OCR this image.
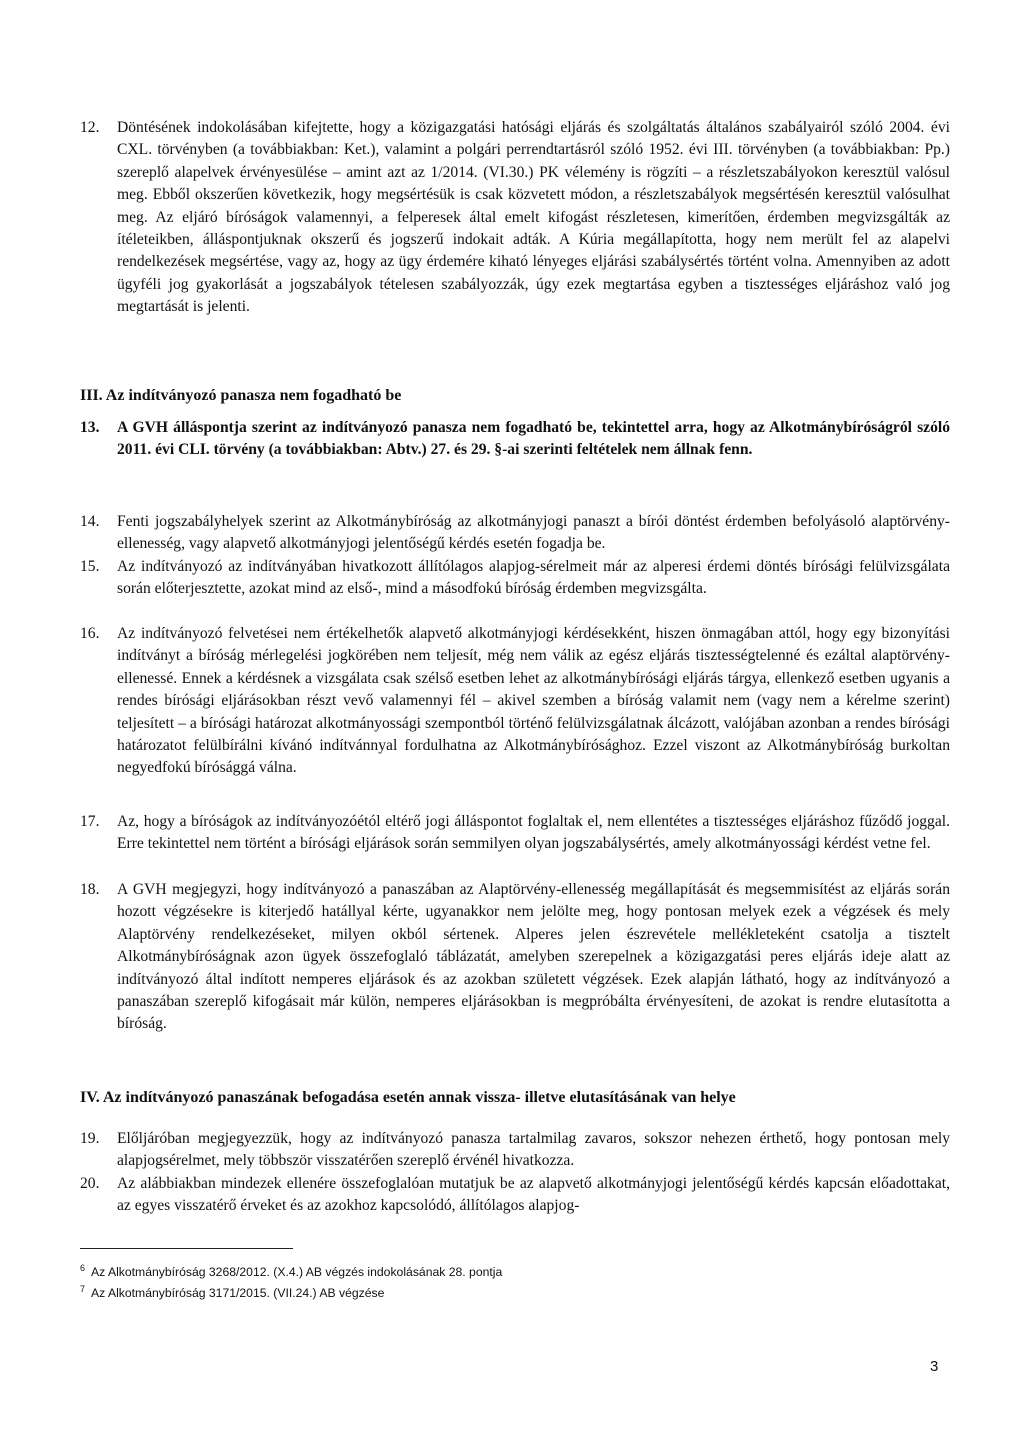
12.	Döntésének indokolásában kifejtette, hogy a közigazgatási hatósági eljárás és szolgáltatás általános szabályairól szóló 2004. évi CXL. törvényben (a továbbiakban: Ket.), valamint a polgári perrendtartásról szóló 1952. évi III. törvényben (a továbbiakban: Pp.) szereplő alapelvek érvényesülése – amint azt az 1/2014. (VI.30.) PK vélemény is rögzíti – a részletszabályokon keresztül valósul meg. Ebből okszerűen következik, hogy megsértésük is csak közvetett módon, a részletszabályok megsértésén keresztül valósulhat meg. Az eljáró bíróságok valamennyi, a felperesek által emelt kifogást részletesen, kimerítően, érdemben megvizsgálták az ítéleteikben, álláspontjuknak okszerű és jogszerű indokait adták. A Kúria megállapította, hogy nem merült fel az alapelvi rendelkezések megsértése, vagy az, hogy az ügy érdemére kiható lényeges eljárási szabálysértés történt volna. Amennyiben az adott ügyféli jog gyakorlását a jogszabályok tételesen szabályozzák, úgy ezek megtartása egyben a tisztességes eljáráshoz való jog megtartását is jelenti.
III. Az indítványozó panasza nem fogadható be
13.	A GVH álláspontja szerint az indítványozó panasza nem fogadható be, tekintettel arra, hogy az Alkotmánybíróságról szóló 2011. évi CLI. törvény (a továbbiakban: Abtv.) 27. és 29. §-ai szerinti feltételek nem állnak fenn.
14.	Fenti jogszabályhelyek szerint az Alkotmánybíróság az alkotmányjogi panaszt a bírói döntést érdemben befolyásoló alaptörvény-ellenesség, vagy alapvető alkotmányjogi jelentőségű kérdés esetén fogadja be.
15.	Az indítványozó az indítványában hivatkozott állítólagos alapjog-sérelmeit már az alperesi érdemi döntés bírósági felülvizsgálata során előterjesztette, azokat mind az első-, mind a másodfokú bíróság érdemben megvizsgálta.
16.	Az indítványozó felvetései nem értékelhetők alapvető alkotmányjogi kérdésekként, hiszen önmagában attól, hogy egy bizonyítási indítványt a bíróság mérlegelési jogkörében nem teljesít, még nem válik az egész eljárás tisztességtelenné és ezáltal alaptörvény-ellenessé. Ennek a kérdésnek a vizsgálata csak szélső esetben lehet az alkotmánybírósági eljárás tárgya, ellenkező esetben ugyanis a rendes bírósági eljárásokban részt vevő valamennyi fél – akivel szemben a bíróság valamit nem (vagy nem a kérelme szerint) teljesített – a bírósági határozat alkotmányossági szempontból történő felülvizsgálatnak álcázott, valójában azonban a rendes bírósági határozatot felülbírálni kívánó indítvánnyal fordulhatna az Alkotmánybírósághoz. Ezzel viszont az Alkotmánybíróság burkoltan negyedfokú bírósággá válna.
17.	Az, hogy a bíróságok az indítványozóétól eltérő jogi álláspontot foglaltak el, nem ellentétes a tisztességes eljáráshoz fűződő joggal. Erre tekintettel nem történt a bírósági eljárások során semmilyen olyan jogszabálysértés, amely alkotmányossági kérdést vetne fel.
18.	A GVH megjegyzi, hogy indítványozó a panaszában az Alaptörvény-ellenesség megállapítását és megsemmisítést az eljárás során hozott végzésekre is kiterjedő hatállyal kérte, ugyanakkor nem jelölte meg, hogy pontosan melyek ezek a végzések és mely Alaptörvény rendelkezéseket, milyen okból sértenek. Alperes jelen észrevétele mellékleteként csatolja a tisztelt Alkotmánybíróságnak azon ügyek összefoglaló táblázatát, amelyben szerepelnek a közigazgatási peres eljárás ideje alatt az indítványozó által indított nemperes eljárások és az azokban született végzések. Ezek alapján látható, hogy az indítványozó a panaszában szereplő kifogásait már külön, nemperes eljárásokban is megpróbálta érvényesíteni, de azokat is rendre elutasította a bíróság.
IV. Az indítványozó panaszának befogadása esetén annak vissza- illetve elutasításának van helye
19.	Előljáróban megjegyezzük, hogy az indítványozó panasza tartalmilag zavaros, sokszor nehezen érthető, hogy pontosan mely alapjogsérelmet, mely többször visszatérően szereplő érvénél hivatkozza.
20.	Az alábbiakban mindezek ellenére összefoglalóan mutatjuk be az alapvető alkotmányjogi jelentőségű kérdés kapcsán előadottakat, az egyes visszatérő érveket és az azokhoz kapcsolódó, állítólagos alapjog-
$^6$ Az Alkotmánybíróság 3268/2012. (X.4.) AB végzés indokolásának 28. pontja
$^7$ Az Alkotmánybíróság 3171/2015. (VII.24.) AB végzése
3
